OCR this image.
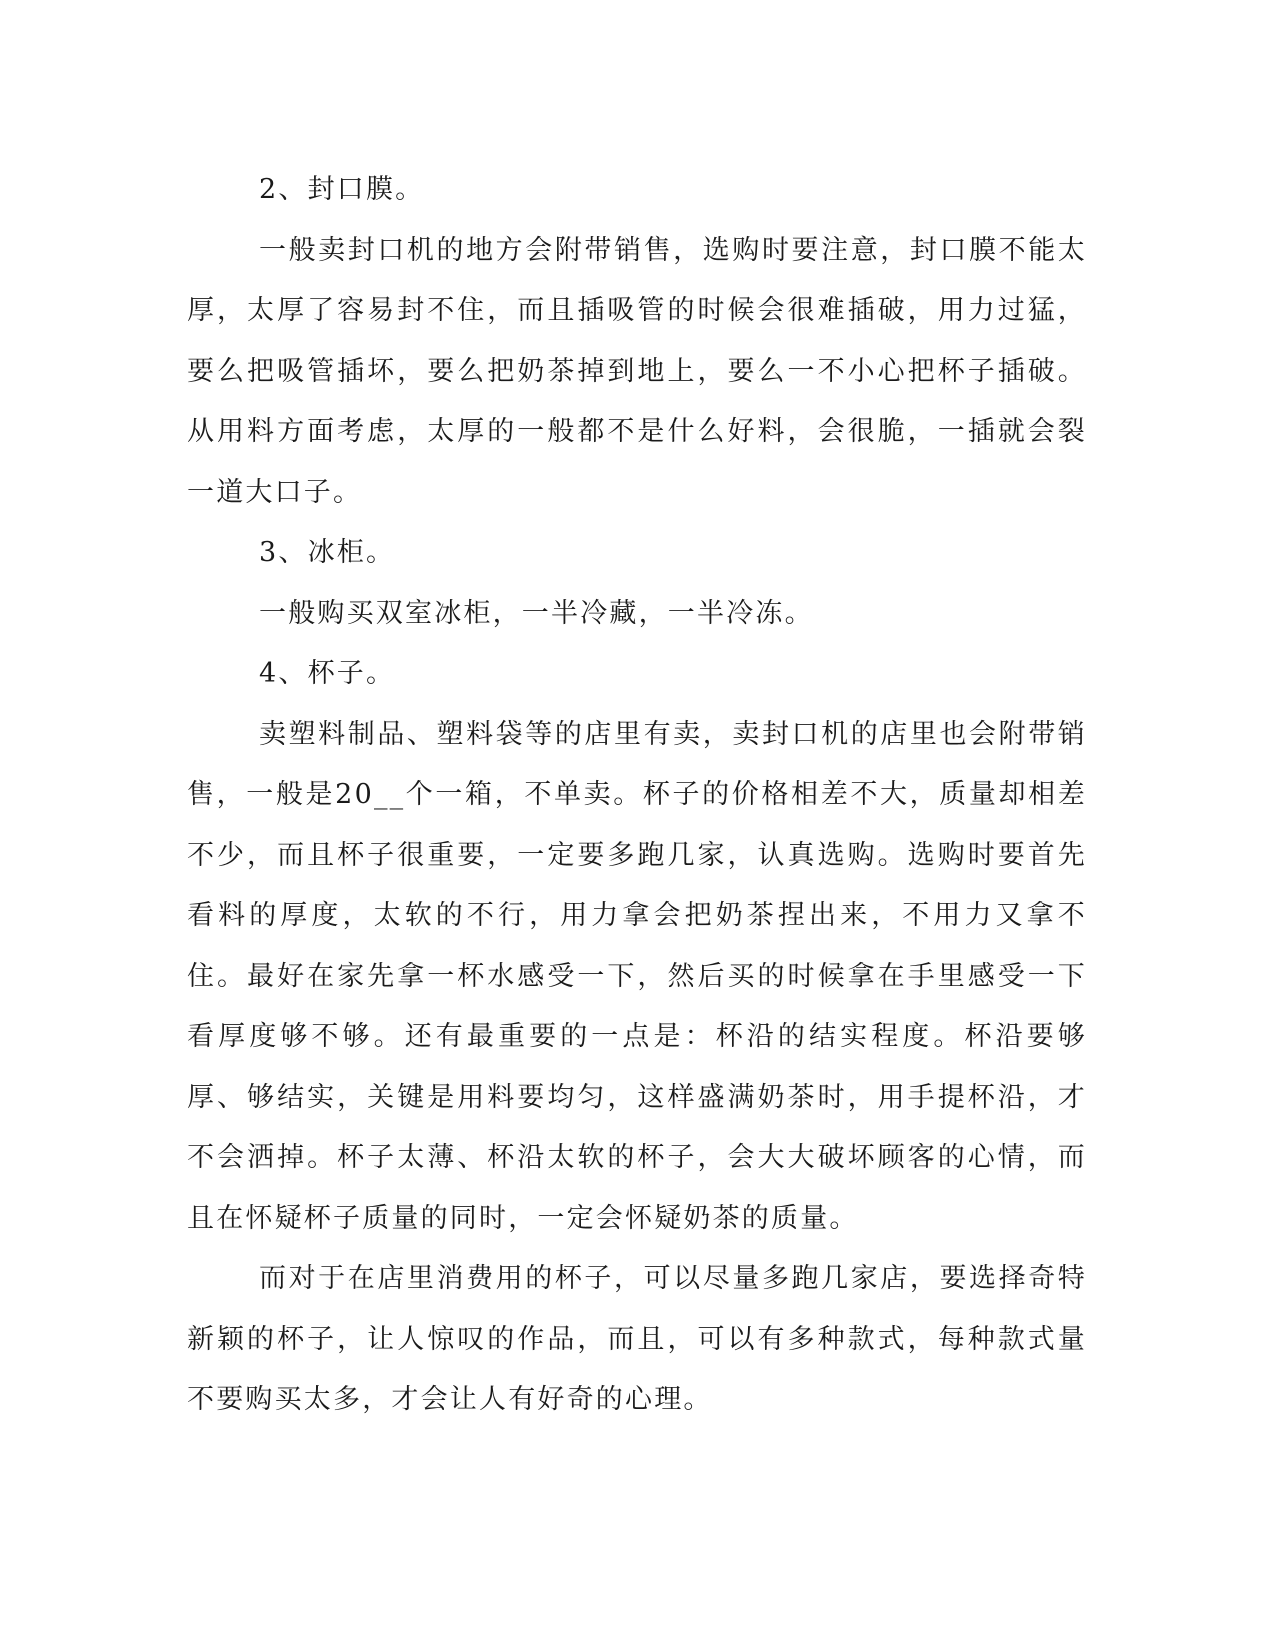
2、封口膜。

一般卖封口机的地方会附带销售，选购时要注意，封口膜不能太厚，太厚了容易封不住，而且插吸管的时候会很难插破，用力过猛，要么把吸管插坏，要么把奶茶掉到地上，要么一不小心把杯子插破。从用料方面考虑，太厚的一般都不是什么好料，会很脆，一插就会裂一道大口子。

3、冰柜。

一般购买双室冰柜，一半冷藏，一半冷冻。

4、杯子。

卖塑料制品、塑料袋等的店里有卖，卖封口机的店里也会附带销售，一般是20__个一箱，不单卖。杯子的价格相差不大，质量却相差不少，而且杯子很重要，一定要多跑几家，认真选购。选购时要首先看料的厚度，太软的不行，用力拿会把奶茶捏出来，不用力又拿不住。最好在家先拿一杯水感受一下，然后买的时候拿在手里感受一下看厚度够不够。还有最重要的一点是：杯沿的结实程度。杯沿要够厚、够结实，关键是用料要均匀，这样盛满奶茶时，用手提杯沿，才不会洒掉。杯子太薄、杯沿太软的杯子，会大大破坏顾客的心情，而且在怀疑杯子质量的同时，一定会怀疑奶茶的质量。

而对于在店里消费用的杯子，可以尽量多跑几家店，要选择奇特新颖的杯子，让人惊叹的作品，而且，可以有多种款式，每种款式量不要购买太多，才会让人有好奇的心理。
